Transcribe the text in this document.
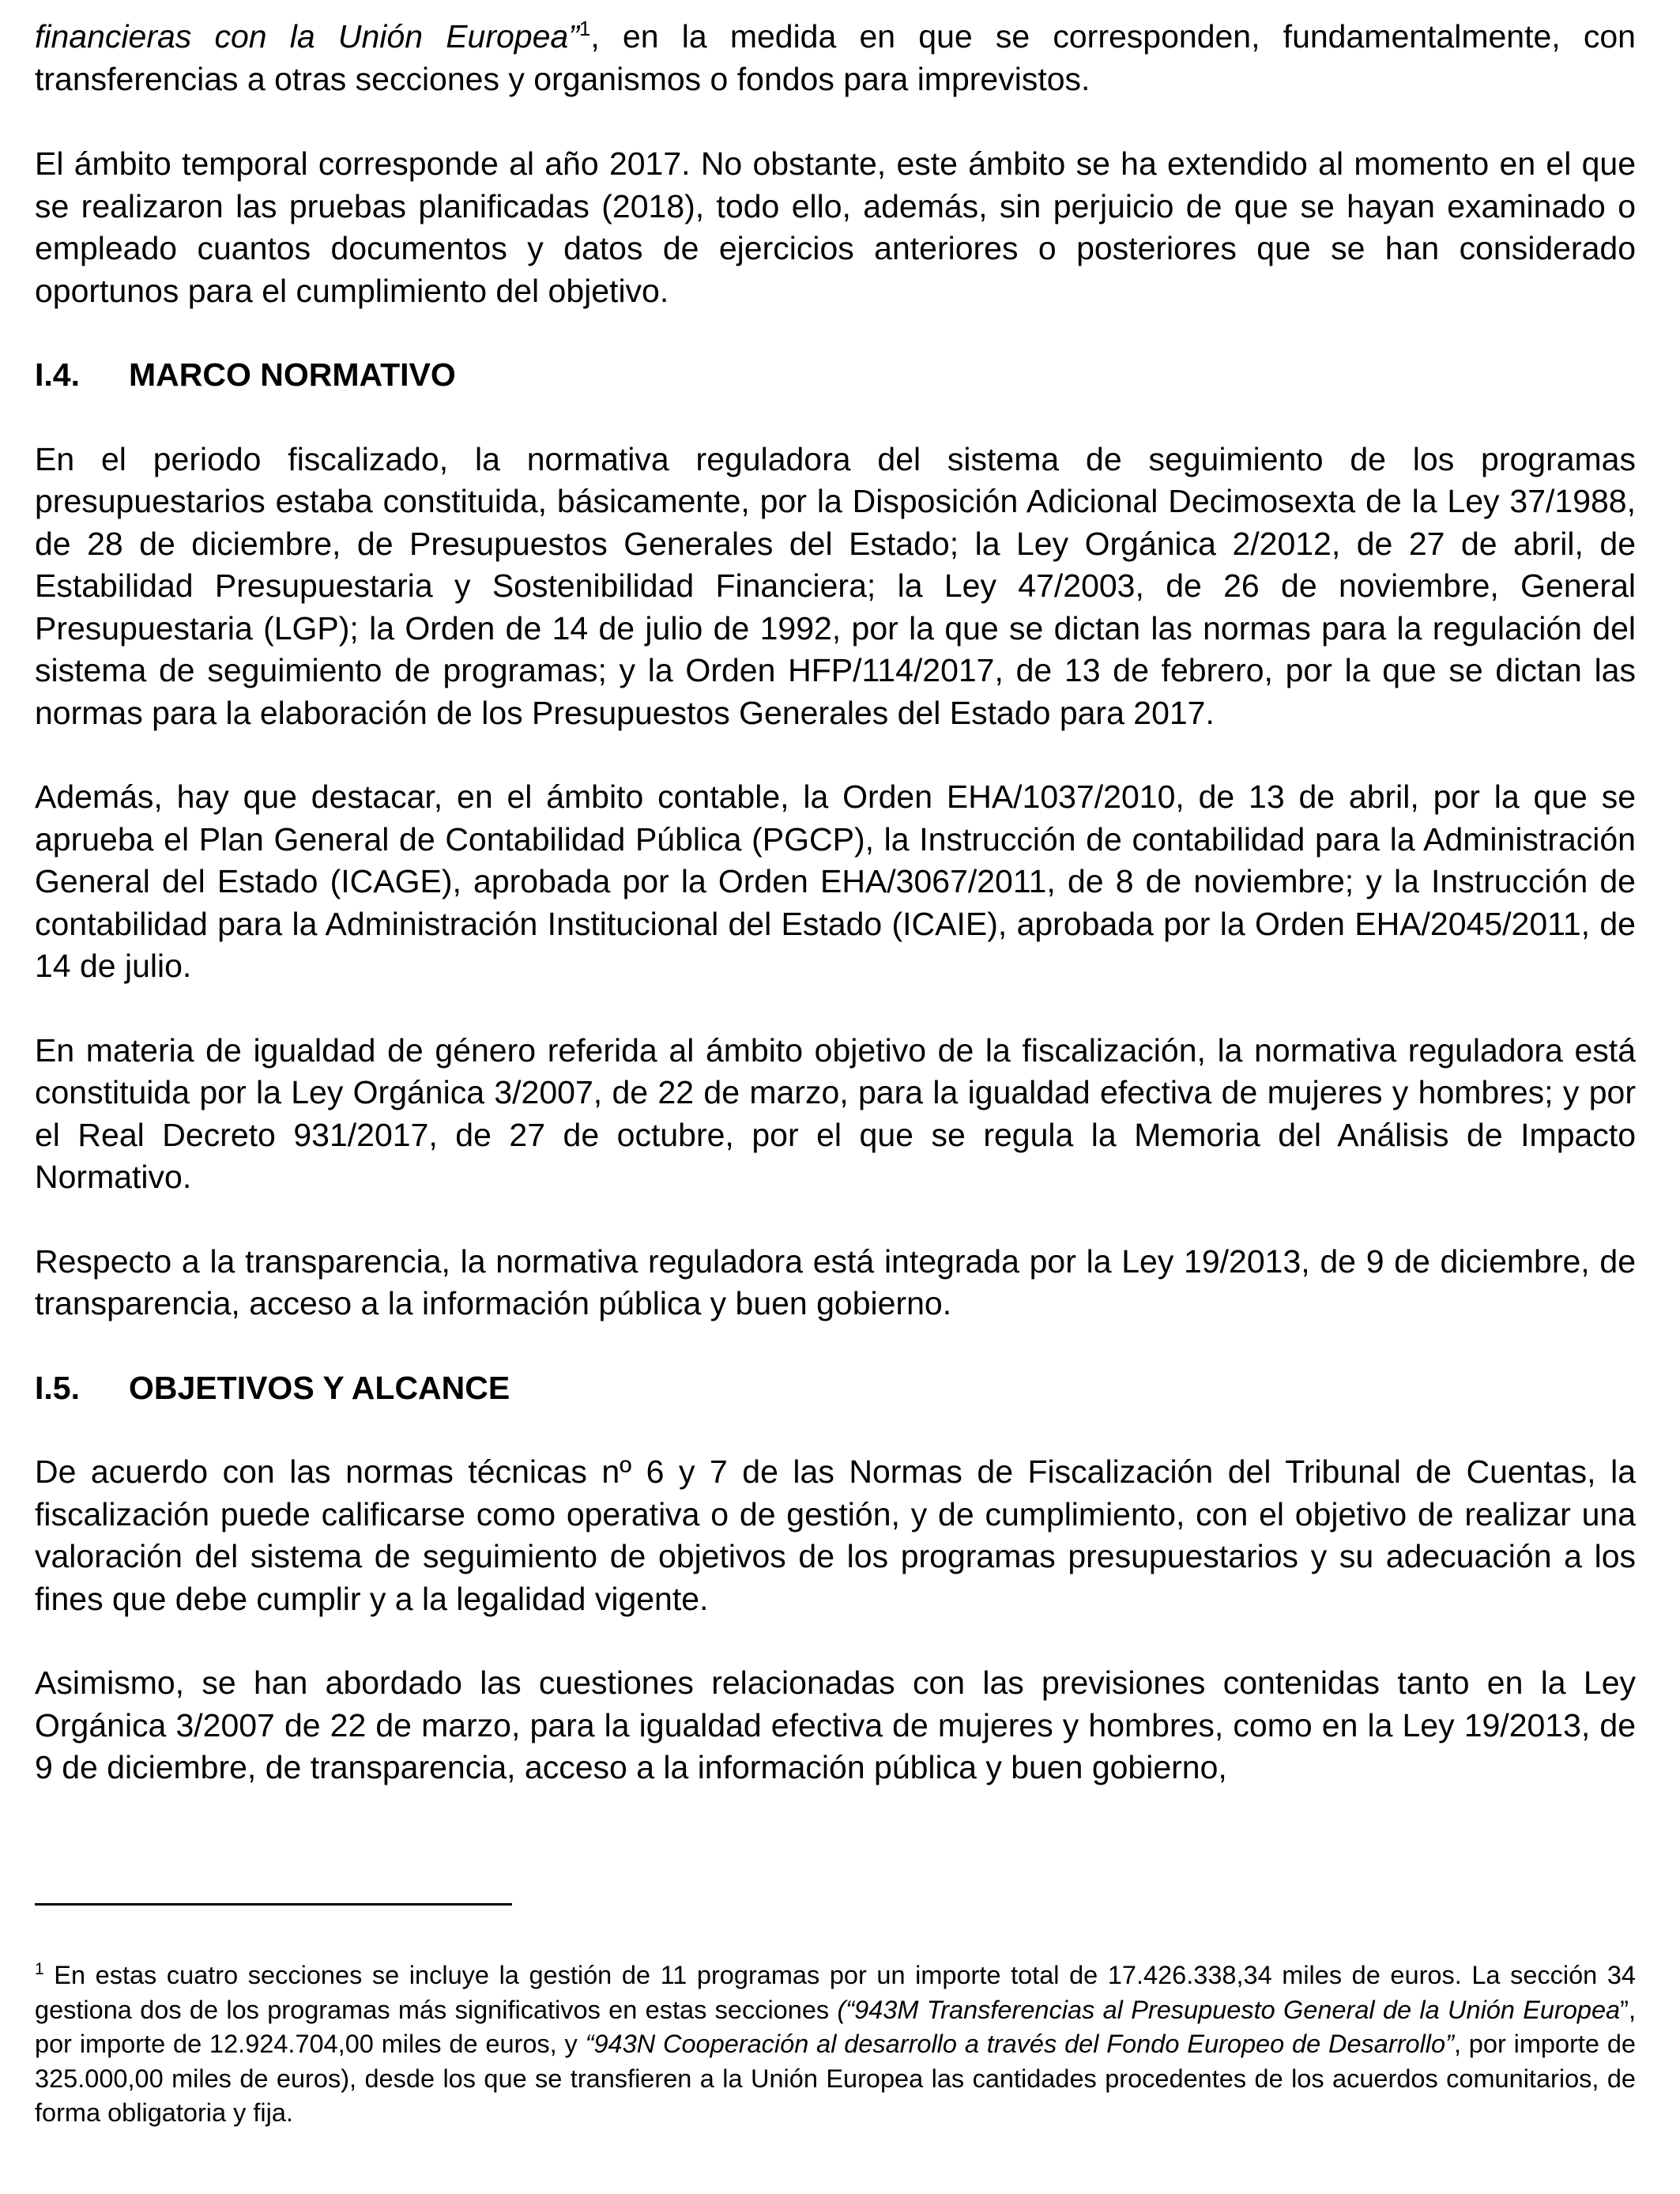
financieras con la Unión Europea”$^1$, en la medida en que se corresponden, fundamentalmente, con transferencias a otras secciones y organismos o fondos para imprevistos.

El ámbito temporal corresponde al año 2017. No obstante, este ámbito se ha extendido al momento en el que se realizaron las pruebas planificadas (2018), todo ello, además, sin perjuicio de que se hayan examinado o empleado cuantos documentos y datos de ejercicios anteriores o posteriores que se han considerado oportunos para el cumplimiento del objetivo.

I.4. MARCO NORMATIVO

En el periodo fiscalizado, la normativa reguladora del sistema de seguimiento de los programas presupuestarios estaba constituida, básicamente, por la Disposición Adicional Decimosexta de la Ley 37/1988, de 28 de diciembre, de Presupuestos Generales del Estado; la Ley Orgánica 2/2012, de 27 de abril, de Estabilidad Presupuestaria y Sostenibilidad Financiera; la Ley 47/2003, de 26 de noviembre, General Presupuestaria (LGP); la Orden de 14 de julio de 1992, por la que se dictan las normas para la regulación del sistema de seguimiento de programas; y la Orden HFP/114/2017, de 13 de febrero, por la que se dictan las normas para la elaboración de los Presupuestos Generales del Estado para 2017.

Además, hay que destacar, en el ámbito contable, la Orden EHA/1037/2010, de 13 de abril, por la que se aprueba el Plan General de Contabilidad Pública (PGCP), la Instrucción de contabilidad para la Administración General del Estado (ICAGE), aprobada por la Orden EHA/3067/2011, de 8 de noviembre; y la Instrucción de contabilidad para la Administración Institucional del Estado (ICAIE), aprobada por la Orden EHA/2045/2011, de 14 de julio.

En materia de igualdad de género referida al ámbito objetivo de la fiscalización, la normativa reguladora está constituida por la Ley Orgánica 3/2007, de 22 de marzo, para la igualdad efectiva de mujeres y hombres; y por el Real Decreto 931/2017, de 27 de octubre, por el que se regula la Memoria del Análisis de Impacto Normativo.

Respecto a la transparencia, la normativa reguladora está integrada por la Ley 19/2013, de 9 de diciembre, de transparencia, acceso a la información pública y buen gobierno.

I.5. OBJETIVOS Y ALCANCE

De acuerdo con las normas técnicas nº 6 y 7 de las Normas de Fiscalización del Tribunal de Cuentas, la fiscalización puede calificarse como operativa o de gestión, y de cumplimiento, con el objetivo de realizar una valoración del sistema de seguimiento de objetivos de los programas presupuestarios y su adecuación a los fines que debe cumplir y a la legalidad vigente.

Asimismo, se han abordado las cuestiones relacionadas con las previsiones contenidas tanto en la Ley Orgánica 3/2007 de 22 de marzo, para la igualdad efectiva de mujeres y hombres, como en la Ley 19/2013, de 9 de diciembre, de transparencia, acceso a la información pública y buen gobierno,

$^1$ En estas cuatro secciones se incluye la gestión de 11 programas por un importe total de 17.426.338,34 miles de euros. La sección 34 gestiona dos de los programas más significativos en estas secciones (“943M Transferencias al Presupuesto General de la Unión Europea”, por importe de 12.924.704,00 miles de euros, y “943N Cooperación al desarrollo a través del Fondo Europeo de Desarrollo”, por importe de 325.000,00 miles de euros), desde los que se transfieren a la Unión Europea las cantidades procedentes de los acuerdos comunitarios, de forma obligatoria y fija.
